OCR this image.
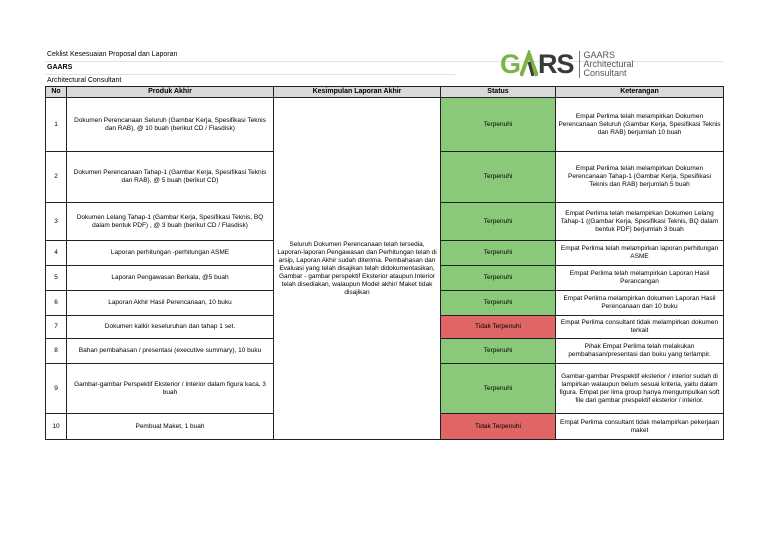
Ceklist Kesesuaian Proposal dan Laporan
GAARS
Architectural Consultant
G RS GAARS
Architectural
Consultant
No	Produk Akhir	Kesimpulan Laporan Akhir	Status	Keterangan
1	Dokumen Perencanaan Seluruh (Gambar Kerja, Spesifikasi Teknis dan RAB), @ 10 buah (berikut CD / Flasdisk)	Seluruh Dokumen Perencanaan telah tersedia, Laporan-laporan Pengawasan dan Perhitungan telah di arsip, Laporan Akhir sudah diterima. Pembahasan dan Evaluasi yang telah disajikan telah didokumentasikan, Gambar - gambar perspektif Eksterior ataupun Interior telah disediakan, walaupun Model akhir/ Maket tidak disajikan	Terpenuhi	Empat Perlima telah melampirkan Dokumen Perencanaan Seluruh (Gambar Kerja, Spesifikasi Teknis dan RAB) berjumlah 10 buah
2	Dokumen Perencanaan Tahap-1 (Gambar Kerja, Spesifikasi Teknis dan RAB), @ 5 buah (berikut CD)		Terpenuhi	Empat Perlima telah melampirkan Dokumen Perencanaan Tahap-1 (Gambar Kerja, Spesifikasi Teknis dan RAB) berjumlah 5 buah
3	Dokumen Lelang Tahap-1 (Gambar Kerja, Spesifikasi Teknis, BQ dalam bentuk PDF) , @ 3 buah (berikut CD / Flasdisk)		Terpenuhi	Empat Perlima telah melampirkan Dokumen Lelang Tahap-1 ((Gambar Kerja, Spesifikasi Teknis, BQ dalam bentuk PDF) berjumlah 3 buah
4	Laporan perhitungan -perhitungan ASME		Terpenuhi	Empat Perlima telah melampirkan laporan perhitungan ASME
5	Laporan Pengawasan Berkala, @5 buah		Terpenuhi	Empat Perlima telah melampirkan Laporan Hasil Perancangan
6	Laporan Akhir Hasil Perencanaan, 10 buku		Terpenuhi	Empat Perlima melampirkan dokumen Laporan Hasil Perencanaan dan 10 buku
7	Dokumen kalkir keseluruhan dan tahap 1 set.		Tidak Terpenuhi	Empat Perlima consultant tidak melampirkan dokumen terkait
8	Bahan pembahasan / presentasi (executive summary), 10 buku		Terpenuhi	Pihak Empat Perlima telah melakukan pembahasan/presentasi dan buku yang terlampir.
9	Gambar-gambar Perspektif Eksterior / Interior dalam figura kaca, 3 buah		Terpenuhi	Gambar-gambar Prespektif eksterior / interior sudah di lampirkan walaupun belum sesuai kriteria, yaitu dalam figura. Empat per lima group hanya mengumpulkan soft file dari gambar prespektif eksterior / interior.
10	Pembuat Maket, 1 buah		Tidak Terpenuhi	Empat Perlima consultant tidak melampirkan pekerjaan maket
